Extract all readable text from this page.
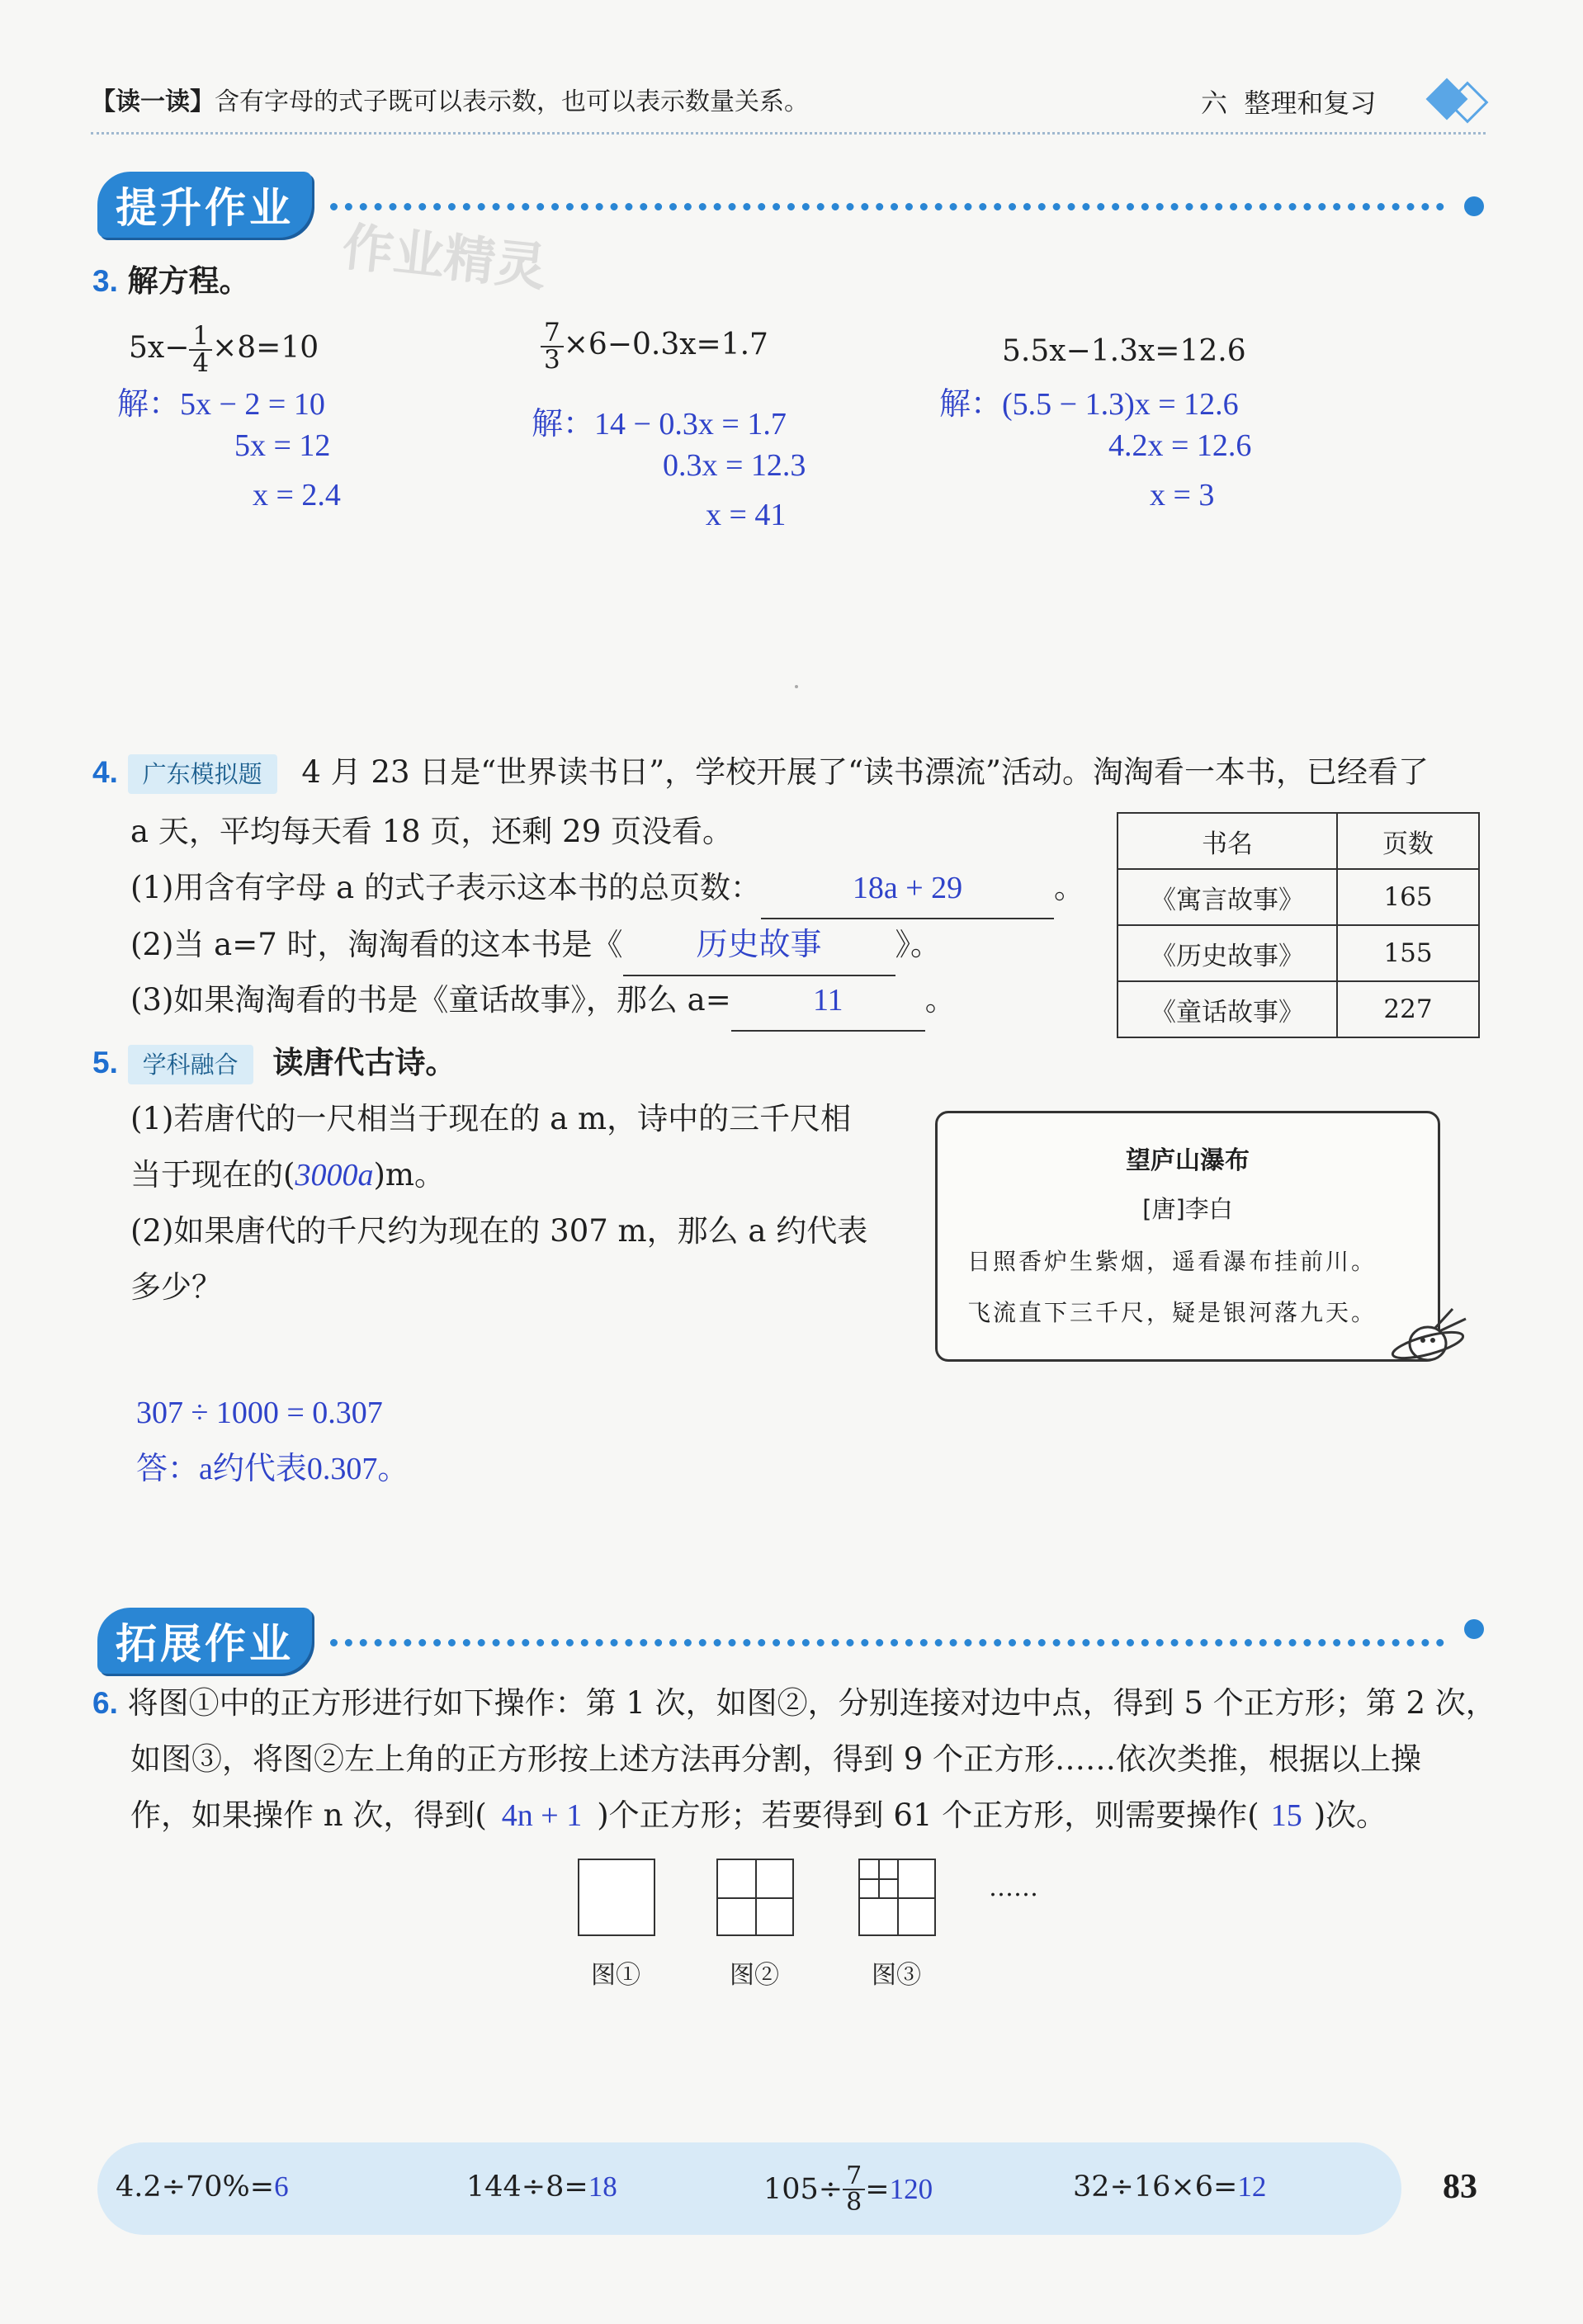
【读一读】含有字母的式子既可以表示数，也可以表示数量关系。	六  整理和复习
提升作业
作业精灵
3. 解方程。
$5x- \frac{1}{4} \times 8=10$
解：5x − 2 = 10
5x = 12
x = 2.4
$\frac{7}{3} \times 6-0.3x=1.7$
解：14 − 0.3x = 1.7
0.3x = 12.3
x = 41
5.5x−1.3x=12.6
解：(5.5 − 1.3)x = 12.6
4.2x = 12.6
x = 3
4. 广东模拟题 4 月 23 日是“世界读书日”，学校开展了“读书漂流”活动。淘淘看一本书，已经看了
a 天，平均每天看 18 页，还剩 29 页没看。
(1)用含有字母 a 的式子表示这本书的总页数：	18a + 29	。
(2)当 a=7 时，淘淘看的这本书是《 历史故事 》。
(3)如果淘淘看的书是《童话故事》，那么 a=	11	。
书名	页数
《寓言故事》	165
《历史故事》	155
《童话故事》	227
5. 学科融合 读唐代古诗。
(1)若唐代的一尺相当于现在的 a m，诗中的三千尺相
当于现在的(3000a)m。
(2)如果唐代的千尺约为现在的 307 m，那么 a 约代表
多少？
307 ÷ 1000 = 0.307
答：a约代表0.307。
望庐山瀑布
[唐]李白
日照香炉生紫烟，遥看瀑布挂前川。
飞流直下三千尺，疑是银河落九天。
拓展作业
6. 将图①中的正方形进行如下操作：第 1 次，如图②，分别连接对边中点，得到 5 个正方形；第 2 次，
如图③，将图②左上角的正方形按上述方法再分割，得到 9 个正方形……依次类推，根据以上操
作，如果操作 n 次，得到( 4n + 1 )个正方形；若要得到 61 个正方形，则需要操作( 15 )次。
……
图①	图②	图③
4.2÷70%=6	144÷8=18	$105\div \frac{7}{8} = 120$	32÷16×6=12	83
